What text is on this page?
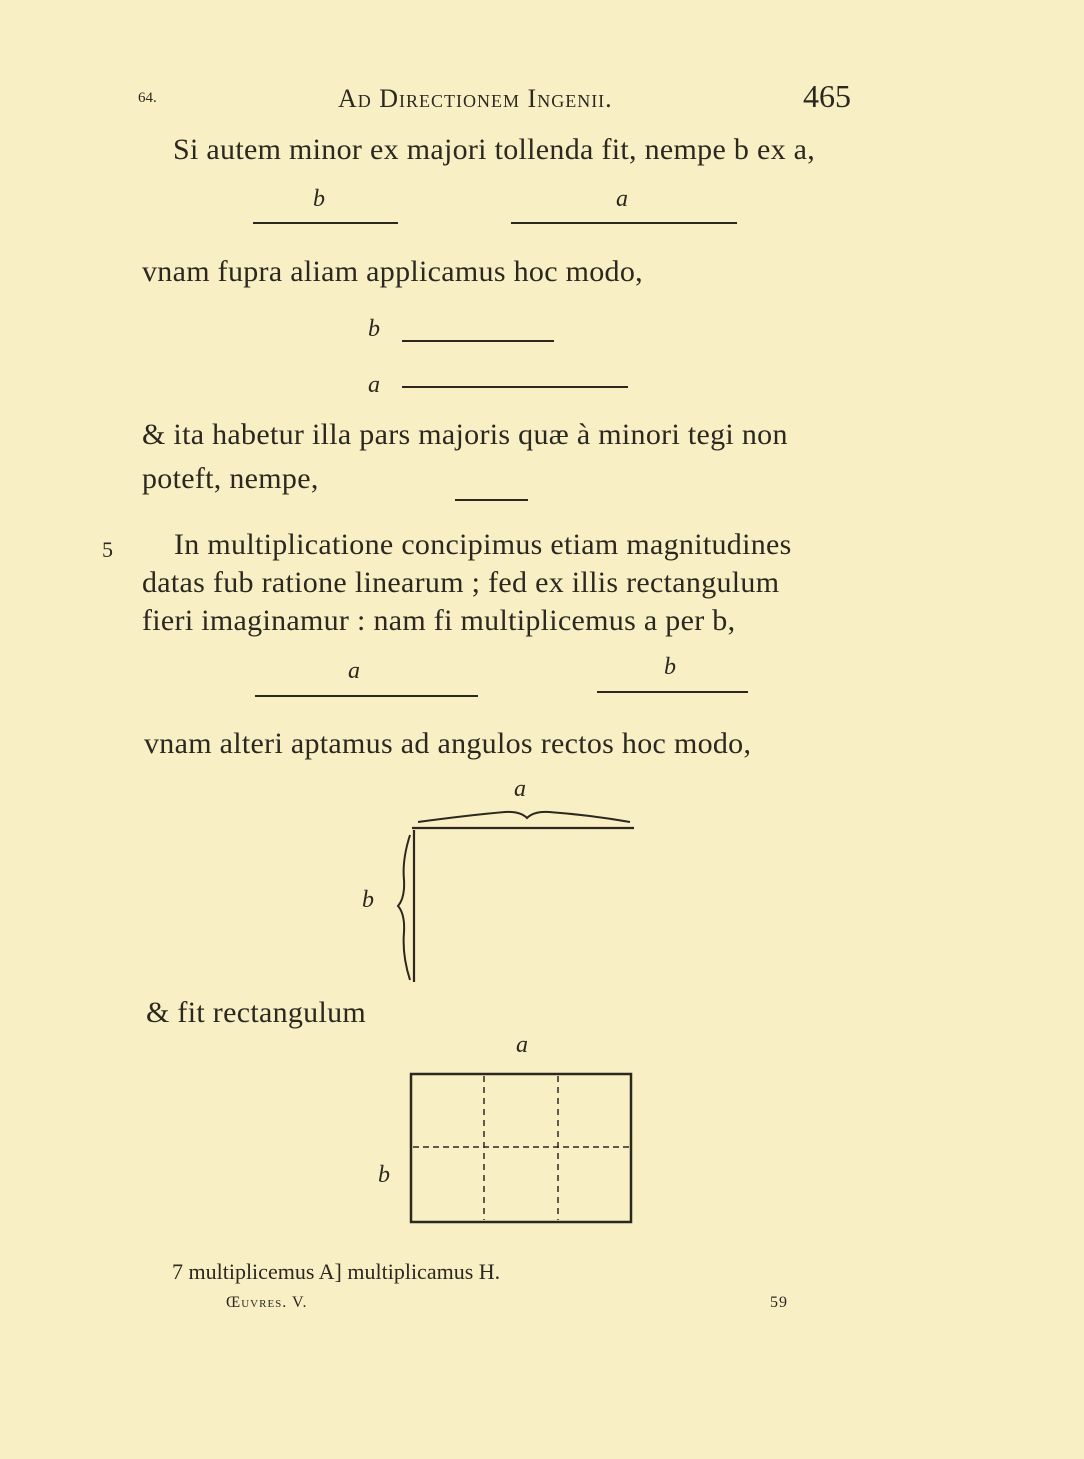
64.	Ad Directionem Ingenii.	465
Si autem minor ex majori tollenda fit, nempe b ex a,
b	a
vnam fupra aliam applicamus hoc modo,
b
a
& ita habetur illa pars majoris quæ à minori tegi non
poteft, nempe,
5 In multiplicatione concipimus etiam magnitudines
datas fub ratione linearum ; fed ex illis rectangulum
fieri imaginamur : nam fi multiplicemus a per b,
a	b
vnam alteri aptamus ad angulos rectos hoc modo,
a
b
& fit rectangulum
a
b
7 multiplicemus A] multiplicamus H.
Œuvres. V.	59
